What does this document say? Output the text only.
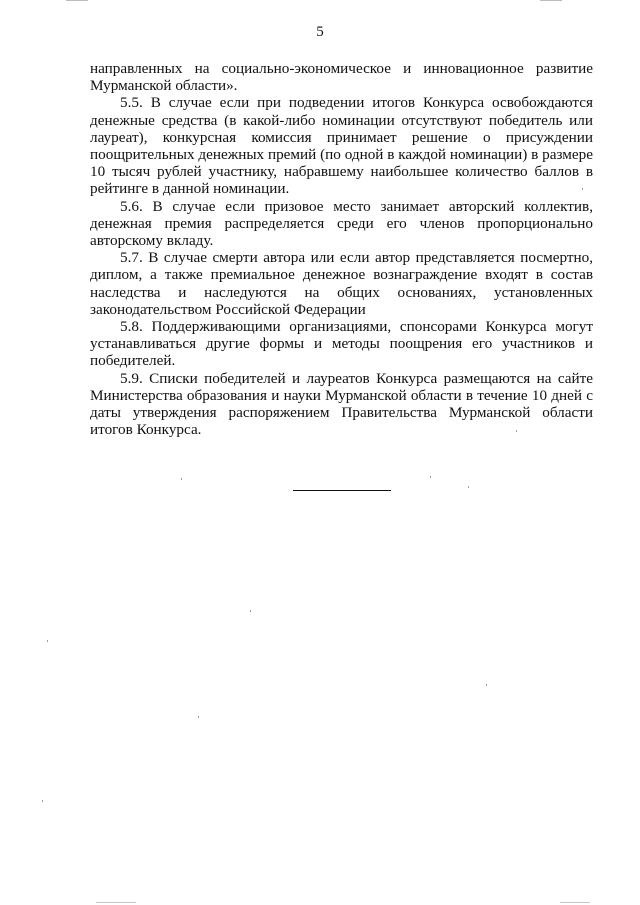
5

направленных на социально-экономическое и инновационное развитие Мурманской области».

5.5. В случае если при подведении итогов Конкурса освобождаются денежные средства (в какой-либо номинации отсутствуют победитель или лауреат), конкурсная комиссия принимает решение о присуждении поощрительных денежных премий (по одной в каждой номинации) в размере 10 тысяч рублей участнику, набравшему наибольшее количество баллов в рейтинге в данной номинации.

5.6. В случае если призовое место занимает авторский коллектив, денежная премия распределяется среди его членов пропорционально авторскому вкладу.

5.7. В случае смерти автора или если автор представляется посмертно, диплом, а также премиальное денежное вознаграждение входят в состав наследства и наследуются на общих основаниях, установленных законодательством Российской Федерации

5.8. Поддерживающими организациями, спонсорами Конкурса могут устанавливаться другие формы и методы поощрения его участников и победителей.

5.9. Списки победителей и лауреатов Конкурса размещаются на сайте Министерства образования и науки Мурманской области в течение 10 дней с даты утверждения распоряжением Правительства Мурманской области итогов Конкурса.
